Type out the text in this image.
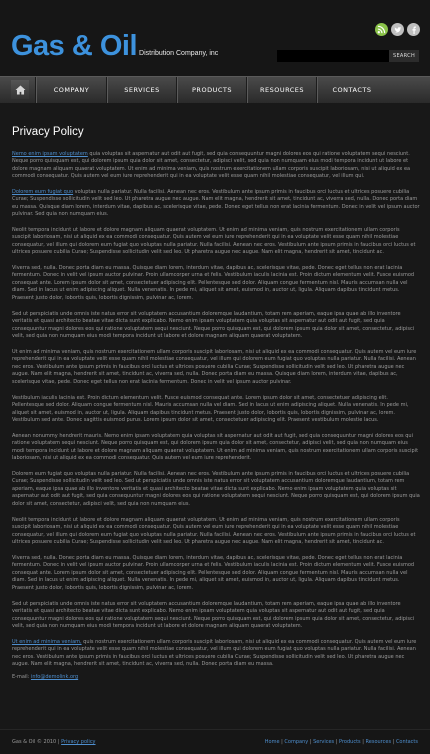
Gas & Oil Distribution Company, inc	SEARCH
COMPANY	SERVICES	PRODUCTS	RESOURCES	CONTACTS
Privacy Policy

Nemo enim ipsam voluptatem quia voluptas sit aspernatur aut odit aut fugit, sed quia consequuntur magni dolores eos qui ratione voluptatem sequi nesciunt. Neque porro quisquam est, qui dolorem ipsum quia dolor sit amet, consectetur, adipisci velit, sed quia non numquam eius modi tempora incidunt ut labore et dolore magnam aliquam quaerat voluptatem. Ut enim ad minima veniam, quis nostrum exercitationem ullam corporis suscipit laboriosam, nisi ut aliquid ex ea commodi consequatur. Quis autem vel eum iure reprehenderit qui in ea voluptate velit esse quam nihil molestiae consequatur, vel illum qui.

Dolorem eum fugiat quo voluptas nulla pariatur. Nulla facilisi. Aenean nec eros. Vestibulum ante ipsum primis in faucibus orci luctus et ultrices posuere cubilia Curae; Suspendisse sollicitudin velit sed leo. Ut pharetra augue nec augue. Nam elit magna, hendrerit sit amet, tincidunt ac, viverra sed, nulla. Donec porta diam eu massa. Quisque diam lorem, interdum vitae, dapibus ac, scelerisque vitae, pede. Donec eget tellus non erat lacinia fermentum. Donec in velit vel ipsum auctor pulvinar. Sed quia non numquam eius.

Neolit tempora incidunt ut labore et dolore magnam aliquam quaerat voluptatem. Ut enim ad minima veniam, quis nostrum exercitationem ullam corporis suscipit laboriosam, nisi ut aliquid ex ea commodi consequatur. Quis autem vel eum iure reprehenderit qui in ea voluptate velit esse quam nihil molestiae consequatur, vel illum qui dolorem eum fugiat quo voluptas nulla pariatur. Nulla facilisi. Aenean nec eros. Vestibulum ante ipsum primis in faucibus orci luctus et ultrices posuere cubilia Curae; Suspendisse sollicitudin velit sed leo. Ut pharetra augue nec augue. Nam elit magna, hendrerit sit amet, tincidunt ac.

Viverra sed, nulla. Donec porta diam eu massa. Quisque diam lorem, interdum vitae, dapibus ac, scelerisque vitae, pede. Donec eget tellus non erat lacinia fermentum. Donec in velit vel ipsum auctor pulvinar. Proin ullamcorper urna et felis. Vestibulum iaculis lacinia est. Proin dictum elementum velit. Fusce euismod consequat ante. Lorem ipsum dolor sit amet, consectetuer adipiscing elit. Pellentesque sed dolor. Aliquam congue fermentum nisl. Mauris accumsan nulla vel diam. Sed in lacus ut enim adipiscing aliquet. Nulla venenatis. In pede mi, aliquet sit amet, euismod in, auctor ut, ligula. Aliquam dapibus tincidunt metus. Praesent justo dolor, lobortis quis, lobortis dignissim, pulvinar ac, lorem.

Sed ut perspiciatis unde omnis iste natus error sit voluptatem accusantium doloremque laudantium, totam rem aperiam, eaque ipsa quae ab illo inventore veritatis et quasi architecto beatae vitae dicta sunt explicabo. Nemo enim ipsam voluptatem quia voluptas sit aspernatur aut odit aut fugit, sed quia consequuntur magni dolores eos qui ratione voluptatem sequi nesciunt. Neque porro quisquam est, qui dolorem ipsum quia dolor sit amet, consectetur, adipisci velit, sed quia non numquam eius modi tempora incidunt ut labore et dolore magnam aliquam quaerat voluptatem.

Ut enim ad minima veniam, quis nostrum exercitationem ullam corporis suscipit laboriosam, nisi ut aliquid ex ea commodi consequatur. Quis autem vel eum iure reprehenderit qui in ea voluptate velit esse quam nihil molestiae consequatur, vel illum qui dolorem eum fugiat quo voluptas nulla pariatur. Nulla facilisi. Aenean nec eros. Vestibulum ante ipsum primis in faucibus orci luctus et ultrices posuere cubilia Curae; Suspendisse sollicitudin velit sed leo. Ut pharetra augue nec augue. Nam elit magna, hendrerit sit amet, tincidunt ac, viverra sed, nulla. Donec porta diam eu massa. Quisque diam lorem, interdum vitae, dapibus ac, scelerisque vitae, pede. Donec eget tellus non erat lacinia fermentum. Donec in velit vel ipsum auctor pulvinar.

Vestibulum iaculis lacinia est. Proin dictum elementum velit. Fusce euismod consequat ante. Lorem ipsum dolor sit amet, consectetuer adipiscing elit. Pellentesque sed dolor. Aliquam congue fermentum nisl. Mauris accumsan nulla vel diam. Sed in lacus ut enim adipiscing aliquet. Nulla venenatis. In pede mi, aliquet sit amet, euismod in, auctor ut, ligula. Aliquam dapibus tincidunt metus. Praesent justo dolor, lobortis quis, lobortis dignissim, pulvinar ac, lorem. Vestibulum sed ante. Donec sagittis euismod purus. Lorem ipsum dolor sit amet, consectetuer adipiscing elit. Praesent vestibulum molestie lacus.

Aenean nonummy hendrerit mauris. Nemo enim ipsam voluptatem quia voluptas sit aspernatur aut odit aut fugit, sed quia consequuntur magni dolores eos qui ratione voluptatem sequi nesciunt. Neque porro quisquam est, qui dolorem ipsum quia dolor sit amet, consectetur, adipisci velit, sed quia non numquam eius modi tempora incidunt ut labore et dolore magnam aliquam quaerat voluptatem. Ut enim ad minima veniam, quis nostrum exercitationem ullam corporis suscipit laboriosam, nisi ut aliquid ex ea commodi consequatur. Quis autem vel eum iure reprehenderit.

Dolorem eum fugiat quo voluptas nulla pariatur. Nulla facilisi. Aenean nec eros. Vestibulum ante ipsum primis in faucibus orci luctus et ultrices posuere cubilia Curae; Suspendisse sollicitudin velit sed leo. Sed ut perspiciatis unde omnis iste natus error sit voluptatem accusantium doloremque laudantium, totam rem aperiam, eaque ipsa quae ab illo inventore veritatis et quasi architecto beatae vitae dicta sunt explicabo. Nemo enim ipsam voluptatem quia voluptas sit aspernatur aut odit aut fugit, sed quia consequuntur magni dolores eos qui ratione voluptatem sequi nesciunt. Neque porro quisquam est, qui dolorem ipsum quia dolor sit amet, consectetur, adipisci velit, sed quia non numquam eius.

Neolit tempora incidunt ut labore et dolore magnam aliquam quaerat voluptatem. Ut enim ad minima veniam, quis nostrum exercitationem ullam corporis suscipit laboriosam, nisi ut aliquid ex ea commodi consequatur. Quis autem vel eum iure reprehenderit qui in ea voluptate velit esse quam nihil molestiae consequatur, vel illum qui dolorem eum fugiat quo voluptas nulla pariatur. Nulla facilisi. Aenean nec eros. Vestibulum ante ipsum primis in faucibus orci luctus et ultrices posuere cubilia Curae; Suspendisse sollicitudin velit sed leo. Ut pharetra augue nec augue. Nam elit magna, hendrerit sit amet, tincidunt ac.

Viverra sed, nulla. Donec porta diam eu massa. Quisque diam lorem, interdum vitae, dapibus ac, scelerisque vitae, pede. Donec eget tellus non erat lacinia fermentum. Donec in velit vel ipsum auctor pulvinar. Proin ullamcorper urna et felis. Vestibulum iaculis lacinia est. Proin dictum elementum velit. Fusce euismod consequat ante. Lorem ipsum dolor sit amet, consectetuer adipiscing elit. Pellentesque sed dolor. Aliquam congue fermentum nisl. Mauris accumsan nulla vel diam. Sed in lacus ut enim adipiscing aliquet. Nulla venenatis. In pede mi, aliquet sit amet, euismod in, auctor ut, ligula. Aliquam dapibus tincidunt metus. Praesent justo dolor, lobortis quis, lobortis dignissim, pulvinar ac, lorem.

Sed ut perspiciatis unde omnis iste natus error sit voluptatem accusantium doloremque laudantium, totam rem aperiam, eaque ipsa quae ab illo inventore veritatis et quasi architecto beatae vitae dicta sunt explicabo. Nemo enim ipsam voluptatem quia voluptas sit aspernatur aut odit aut fugit, sed quia consequuntur magni dolores eos qui ratione voluptatem sequi nesciunt. Neque porro quisquam est, qui dolorem ipsum quia dolor sit amet, consectetur, adipisci velit, sed quia non numquam eius modi tempora incidunt ut labore et dolore magnam aliquam quaerat voluptatem.

Ut enim ad minima veniam, quis nostrum exercitationem ullam corporis suscipit laboriosam, nisi ut aliquid ex ea commodi consequatur. Quis autem vel eum iure reprehenderit qui in ea voluptate velit esse quam nihil molestiae consequatur, vel illum qui dolorem eum fugiat quo voluptas nulla pariatur. Nulla facilisi. Aenean nec eros. Vestibulum ante ipsum primis in faucibus orci luctus et ultrices posuere cubilia Curae; Suspendisse sollicitudin velit sed leo. Ut pharetra augue nec augue. Nam elit magna, hendrerit sit amet, tincidunt ac, viverra sed, nulla. Donec porta diam eu massa.

E-mail: info@demolink.org

Gas & Oil © 2010 | Privacy policy	Home | Company | Services | Products | Resources | Contacts
